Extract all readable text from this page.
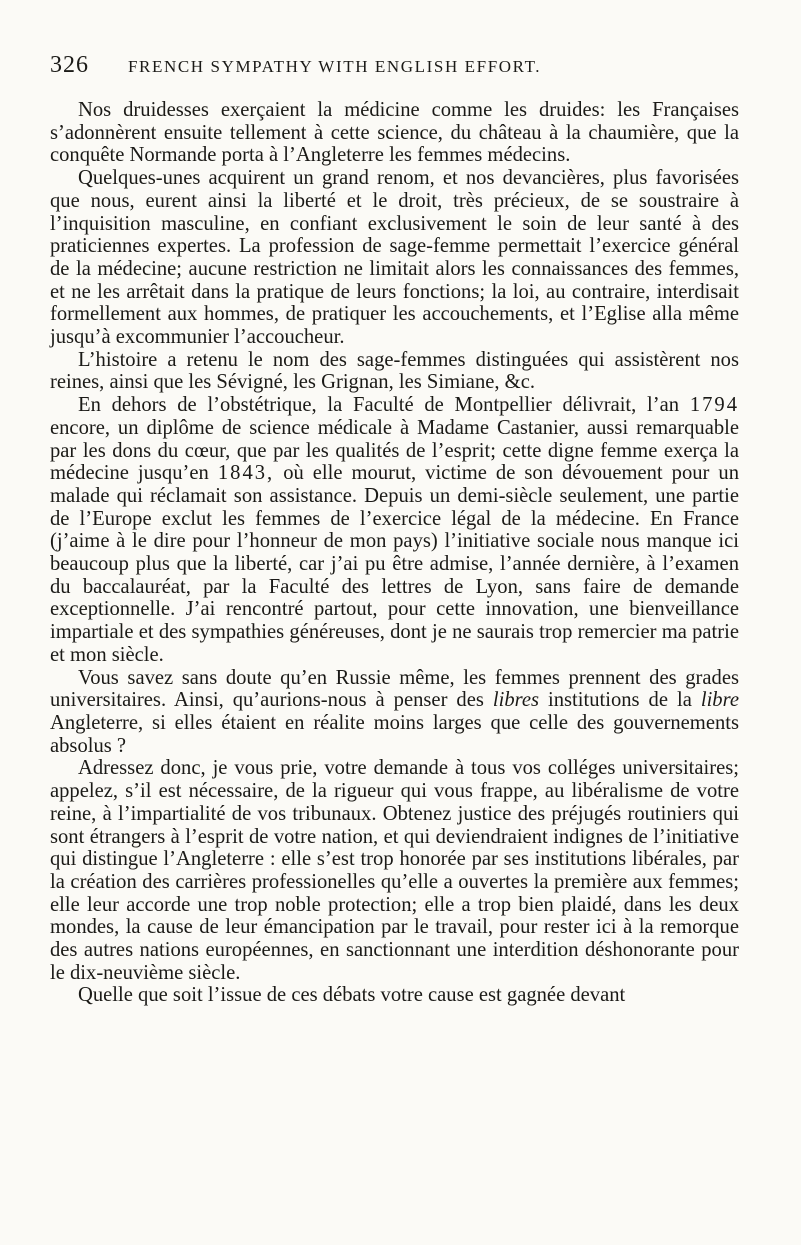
326	FRENCH SYMPATHY WITH ENGLISH EFFORT.

Nos druidesses exerçaient la médicine comme les druides: les Françaises s’adonnèrent ensuite tellement à cette science, du château à la chaumière, que la conquête Normande porta à l’Angleterre les femmes médecins.

Quelques-unes acquirent un grand renom, et nos devancières, plus favorisées que nous, eurent ainsi la liberté et le droit, très précieux, de se soustraire à l’inquisition masculine, en confiant exclusivement le soin de leur santé à des praticiennes expertes. La profession de sage-femme permettait l’exercice général de la médecine; aucune restriction ne limitait alors les connaissances des femmes, et ne les arrêtait dans la pratique de leurs fonctions; la loi, au contraire, interdisait formellement aux hommes, de pratiquer les accouchements, et l’Eglise alla même jusqu’à excommunier l’accoucheur.

L’histoire a retenu le nom des sage-femmes distinguées qui assistèrent nos reines, ainsi que les Sévigné, les Grignan, les Simiane, &c.

En dehors de l’obstétrique, la Faculté de Montpellier délivrait, l’an 1794 encore, un diplôme de science médicale à Madame Castanier, aussi remarquable par les dons du cœur, que par les qualités de l’esprit; cette digne femme exerça la médecine jusqu’en 1843, où elle mourut, victime de son dévouement pour un malade qui réclamait son assistance. Depuis un demi-siècle seulement, une partie de l’Europe exclut les femmes de l’exercice légal de la médecine. En France (j’aime à le dire pour l’honneur de mon pays) l’initiative sociale nous manque ici beaucoup plus que la liberté, car j’ai pu être admise, l’année dernière, à l’examen du baccalauréat, par la Faculté des lettres de Lyon, sans faire de demande exceptionnelle. J’ai rencontré partout, pour cette innovation, une bienveillance impartiale et des sympathies généreuses, dont je ne saurais trop remercier ma patrie et mon siècle.

Vous savez sans doute qu’en Russie même, les femmes prennent des grades universitaires. Ainsi, qu’aurions-nous à penser des libres institutions de la libre Angleterre, si elles étaient en réalite moins larges que celle des gouvernements absolus ?

Adressez donc, je vous prie, votre demande à tous vos colléges universitaires; appelez, s’il est nécessaire, de la rigueur qui vous frappe, au libéralisme de votre reine, à l’impartialité de vos tribunaux. Obtenez justice des préjugés routiniers qui sont étrangers à l’esprit de votre nation, et qui deviendraient indignes de l’initiative qui distingue l’Angleterre : elle s’est trop honorée par ses institutions libérales, par la création des carrières professionelles qu’elle a ouvertes la première aux femmes; elle leur accorde une trop noble protection; elle a trop bien plaidé, dans les deux mondes, la cause de leur émancipation par le travail, pour rester ici à la remorque des autres nations européennes, en sanctionnant une interdition déshonorante pour le dix-neuvième siècle.

Quelle que soit l’issue de ces débats votre cause est gagnée devant
